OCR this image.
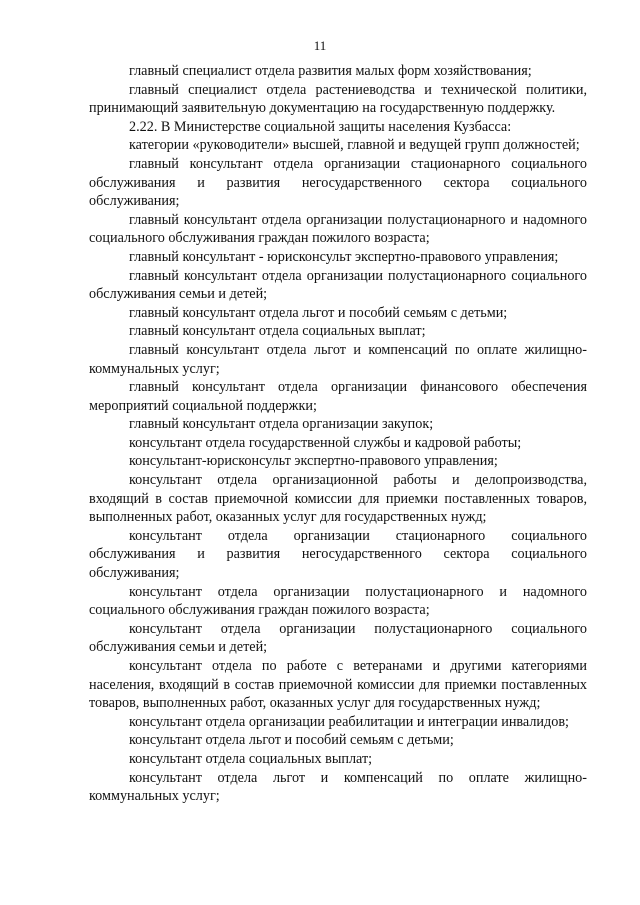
11

главный специалист отдела развития малых форм хозяйствования;

главный специалист отдела растениеводства и технической политики, принимающий заявительную документацию на государственную поддержку.

2.22. В Министерстве социальной защиты населения Кузбасса:

категории «руководители» высшей, главной и ведущей групп должностей;

главный консультант отдела организации стационарного социального обслуживания и развития негосударственного сектора социального обслуживания;

главный консультант отдела организации полустационарного и надомного социального обслуживания граждан пожилого возраста;

главный консультант - юрисконсульт экспертно-правового управления;

главный консультант отдела организации полустационарного социального обслуживания семьи и детей;

главный консультант отдела льгот и пособий семьям с детьми;

главный консультант отдела социальных выплат;

главный консультант отдела льгот и компенсаций по оплате жилищно-коммунальных услуг;

главный консультант отдела организации финансового обеспечения мероприятий социальной поддержки;

главный консультант отдела организации закупок;

консультант отдела государственной службы и кадровой работы;

консультант-юрисконсульт экспертно-правового управления;

консультант отдела организационной работы и делопроизводства, входящий в состав приемочной комиссии для приемки поставленных товаров, выполненных работ, оказанных услуг для государственных нужд;

консультант отдела организации стационарного социального обслуживания и развития негосударственного сектора социального обслуживания;

консультант отдела организации полустационарного и надомного социального обслуживания граждан пожилого возраста;

консультант отдела организации полустационарного социального обслуживания семьи и детей;

консультант отдела по работе с ветеранами и другими категориями населения, входящий в состав приемочной комиссии для приемки поставленных товаров, выполненных работ, оказанных услуг для государственных нужд;

консультант отдела организации реабилитации и интеграции инвалидов;

консультант отдела льгот и пособий семьям с детьми;

консультант отдела социальных выплат;

консультант отдела льгот и компенсаций по оплате жилищно-коммунальных услуг;
